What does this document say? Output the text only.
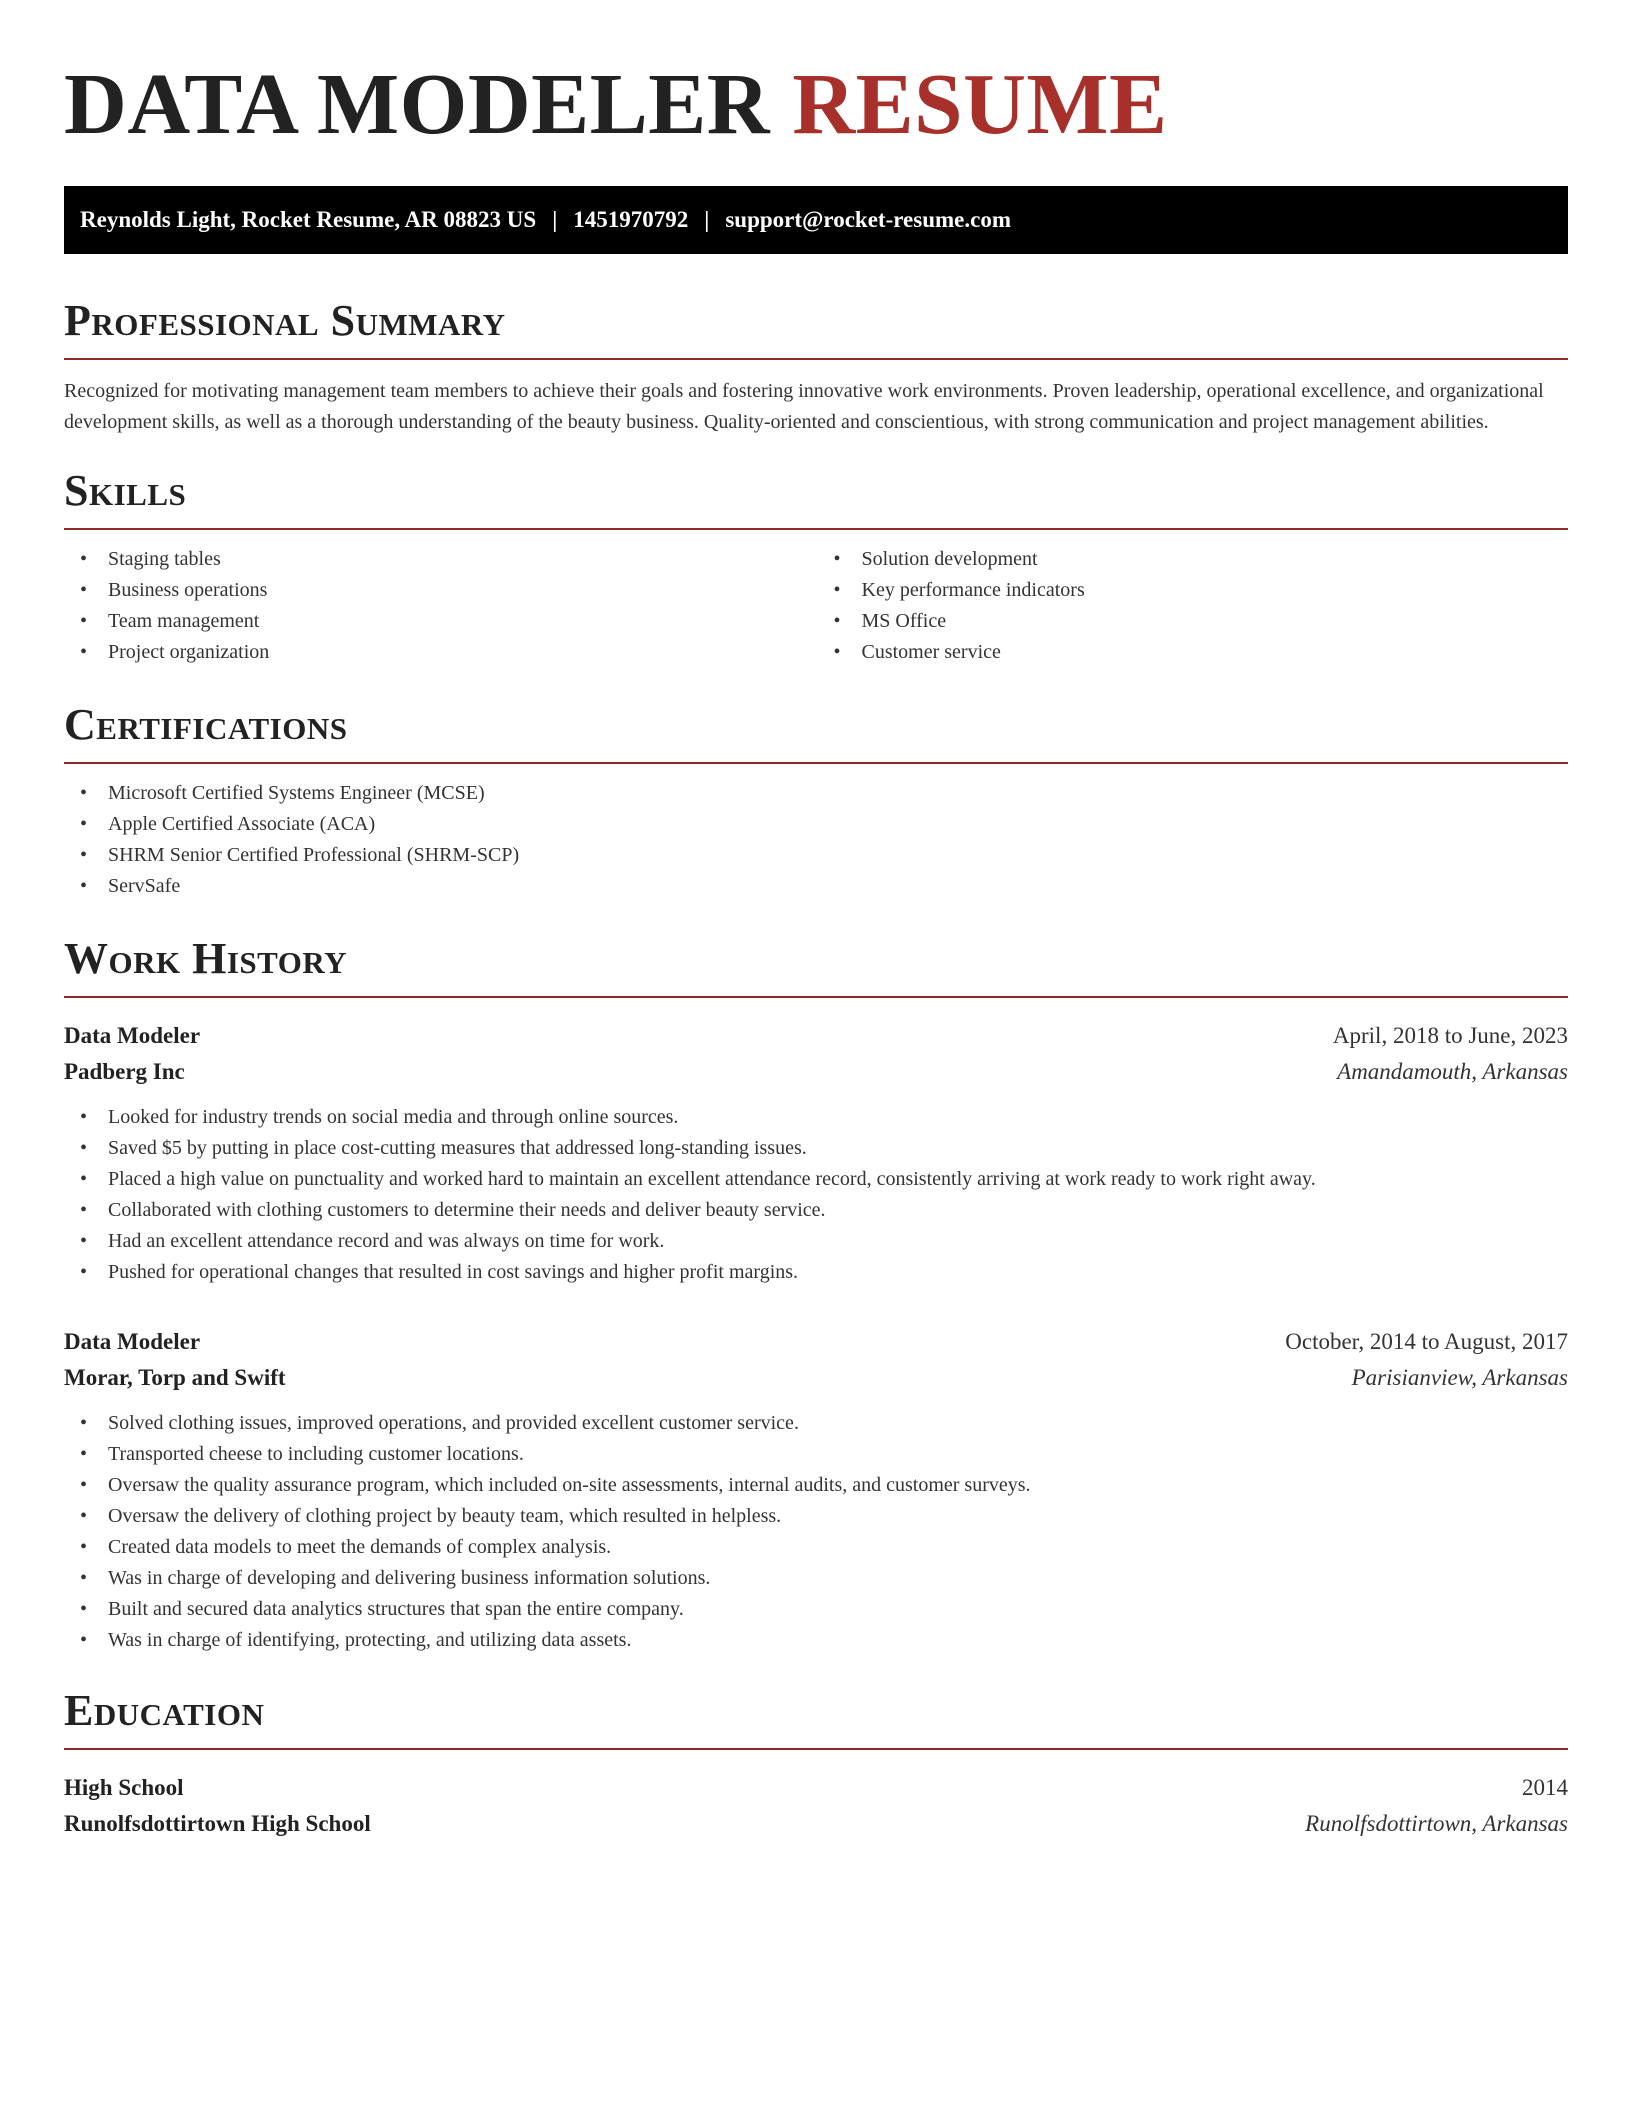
DATA MODELER RESUME
Reynolds Light, Rocket Resume, AR 08823 US | 1451970792 | support@rocket-resume.com
Professional Summary

Recognized for motivating management team members to achieve their goals and fostering innovative work environments. Proven leadership, operational excellence, and organizational development skills, as well as a thorough understanding of the beauty business. Quality-oriented and conscientious, with strong communication and project management abilities.

Skills
• Staging tables
• Business operations
• Team management
• Project organization
• Solution development
• Key performance indicators
• MS Office
• Customer service
Certifications
• Microsoft Certified Systems Engineer (MCSE)
• Apple Certified Associate (ACA)
• SHRM Senior Certified Professional (SHRM-SCP)
• ServSafe
Work History
Data Modeler	April, 2018 to June, 2023
Padberg Inc	Amandamouth, Arkansas
• Looked for industry trends on social media and through online sources.
• Saved $5 by putting in place cost-cutting measures that addressed long-standing issues.
• Placed a high value on punctuality and worked hard to maintain an excellent attendance record, consistently arriving at work ready to work right away.
• Collaborated with clothing customers to determine their needs and deliver beauty service.
• Had an excellent attendance record and was always on time for work.
• Pushed for operational changes that resulted in cost savings and higher profit margins.
Data Modeler	October, 2014 to August, 2017
Morar, Torp and Swift	Parisianview, Arkansas
• Solved clothing issues, improved operations, and provided excellent customer service.
• Transported cheese to including customer locations.
• Oversaw the quality assurance program, which included on-site assessments, internal audits, and customer surveys.
• Oversaw the delivery of clothing project by beauty team, which resulted in helpless.
• Created data models to meet the demands of complex analysis.
• Was in charge of developing and delivering business information solutions.
• Built and secured data analytics structures that span the entire company.
• Was in charge of identifying, protecting, and utilizing data assets.
Education
High School	2014
Runolfsdottirtown High School	Runolfsdottirtown, Arkansas
